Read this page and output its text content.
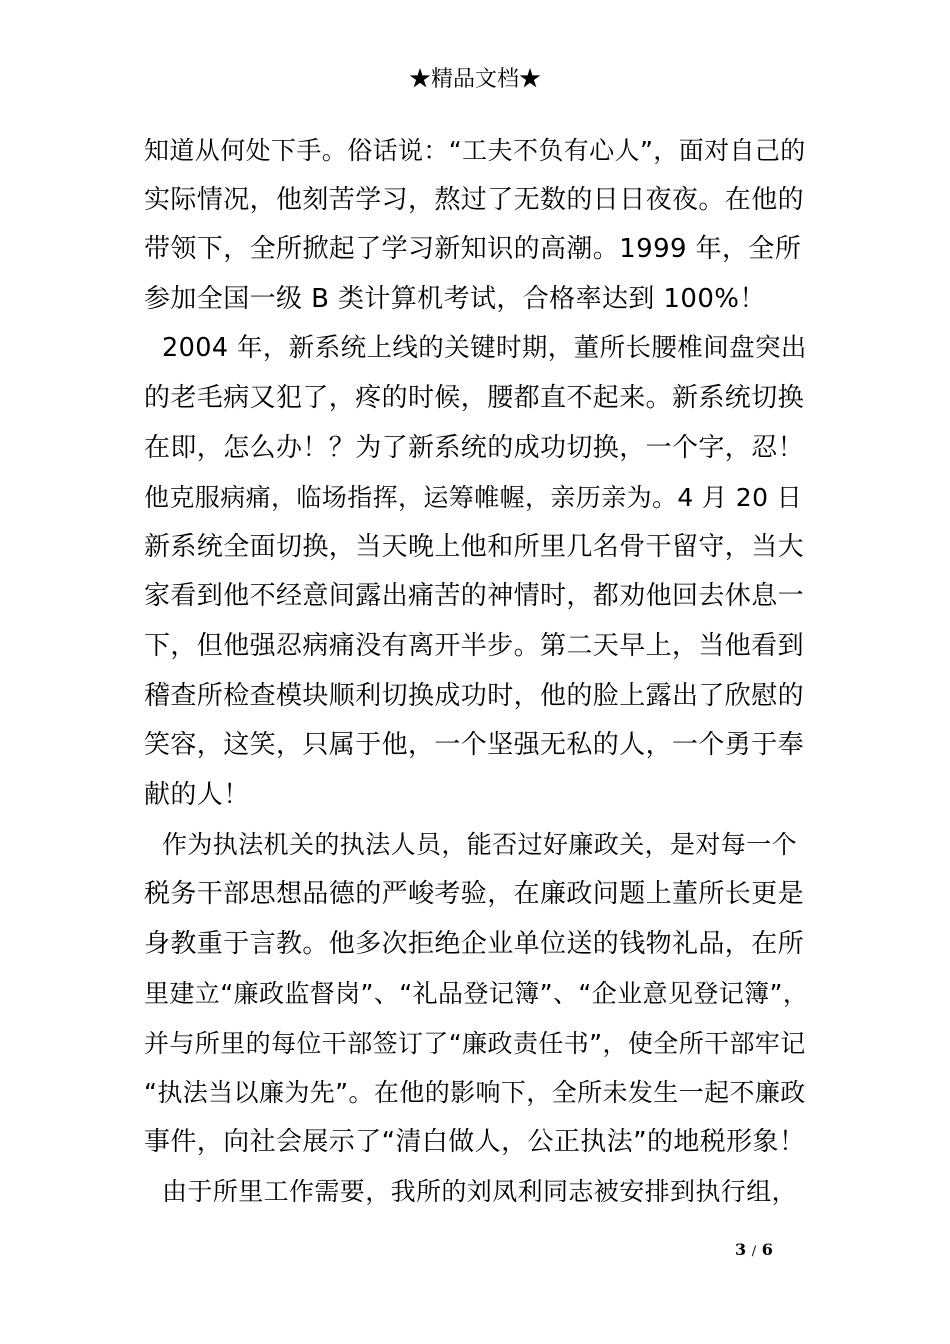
★精品文档★
知道从何处下手。俗话说：“工夫不负有心人”，面对自己的
实际情况，他刻苦学习，熬过了无数的日日夜夜。在他的
带领下，全所掀起了学习新知识的高潮。1999 年，全所
参加全国一级 B 类计算机考试，合格率达到 100%！
2004 年，新系统上线的关键时期，董所长腰椎间盘突出
的老毛病又犯了，疼的时候，腰都直不起来。新系统切换
在即，怎么办！？为了新系统的成功切换，一个字，忍！
他克服病痛，临场指挥，运筹帷幄，亲历亲为。4 月 20 日
新系统全面切换，当天晚上他和所里几名骨干留守，当大
家看到他不经意间露出痛苦的神情时，都劝他回去休息一
下，但他强忍病痛没有离开半步。第二天早上，当他看到
稽查所检查模块顺利切换成功时，他的脸上露出了欣慰的
笑容，这笑，只属于他，一个坚强无私的人，一个勇于奉
献的人！
作为执法机关的执法人员，能否过好廉政关，是对每一个
税务干部思想品德的严峻考验，在廉政问题上董所长更是
身教重于言教。他多次拒绝企业单位送的钱物礼品，在所
里建立“廉政监督岗”、“礼品登记簿”、“企业意见登记簿”，
并与所里的每位干部签订了“廉政责任书”，使全所干部牢记
“执法当以廉为先”。在他的影响下，全所未发生一起不廉政
事件，向社会展示了“清白做人，公正执法”的地税形象！
由于所里工作需要，我所的刘凤利同志被安排到执行组，
3 / 6
